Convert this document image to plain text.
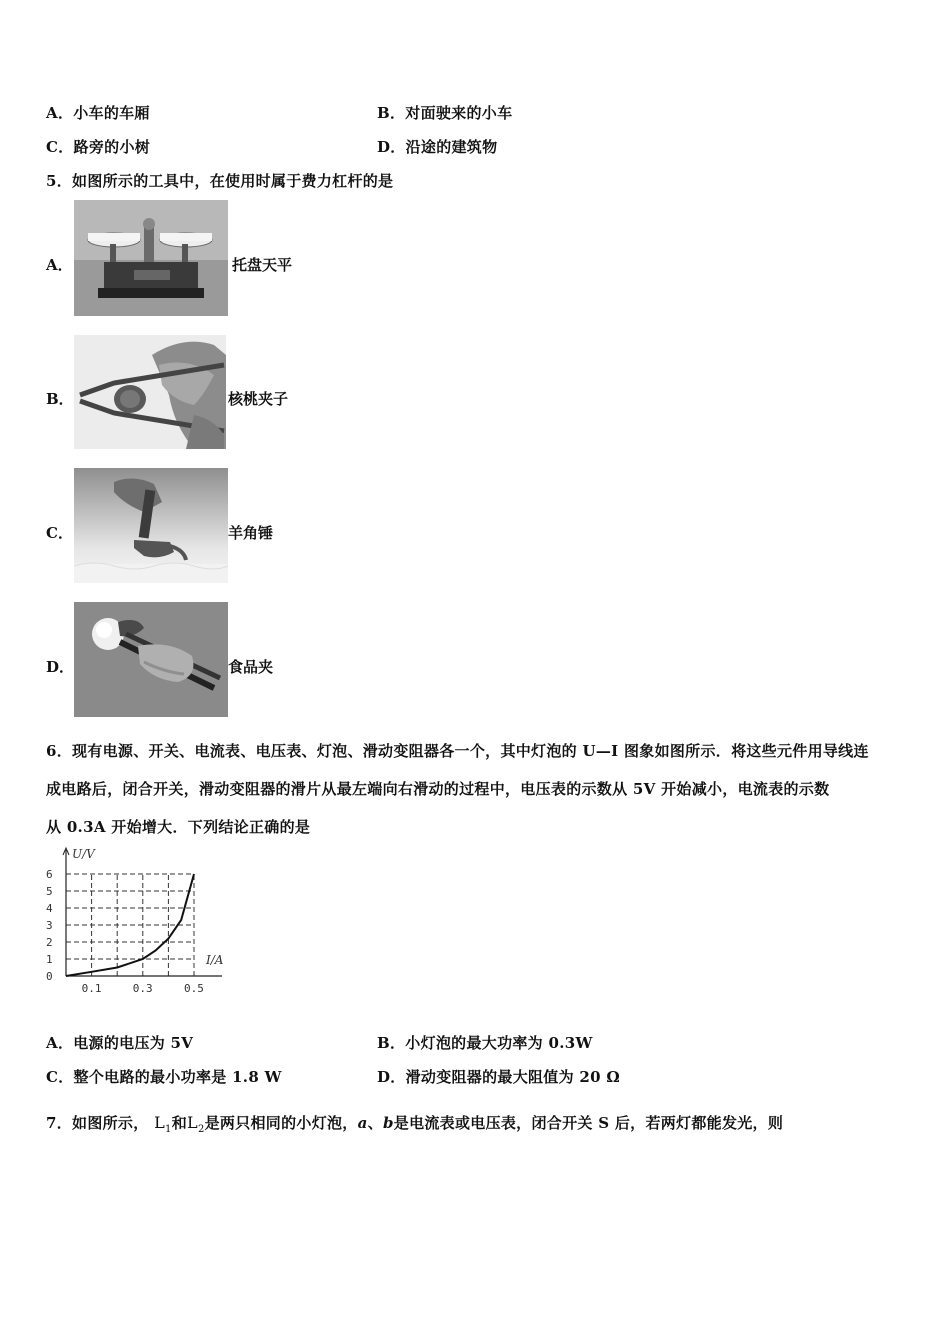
A．小车的车厢	B．对面驶来的小车
C．路旁的小树	D．沿途的建筑物
5．如图所示的工具中，在使用时属于费力杠杆的是
A．	托盘天平
B．	核桃夹子
C．	羊角锤
D．	食品夹
6．现有电源、开关、电流表、电压表、灯泡、滑动变阻器各一个，其中灯泡的 U—I 图象如图所示．将这些元件用导线连
成电路后，闭合开关，滑动变阻器的滑片从最左端向右滑动的过程中，电压表的示数从 5V 开始减小，电流表的示数
从 0.3A 开始增大．下列结论正确的是
0
1
2
3
4
5
6
0.1	0.3	0.5
U/V
I/A
A．电源的电压为 5V	B．小灯泡的最大功率为 0.3W
C．整个电路的最小功率是 1.8 W	D．滑动变阻器的最大阻值为 20 Ω
7．如图所示， $L_1$和$L_2$是两只相同的小灯泡，a、b是电流表或电压表，闭合开关 S 后，若两灯都能发光，则
